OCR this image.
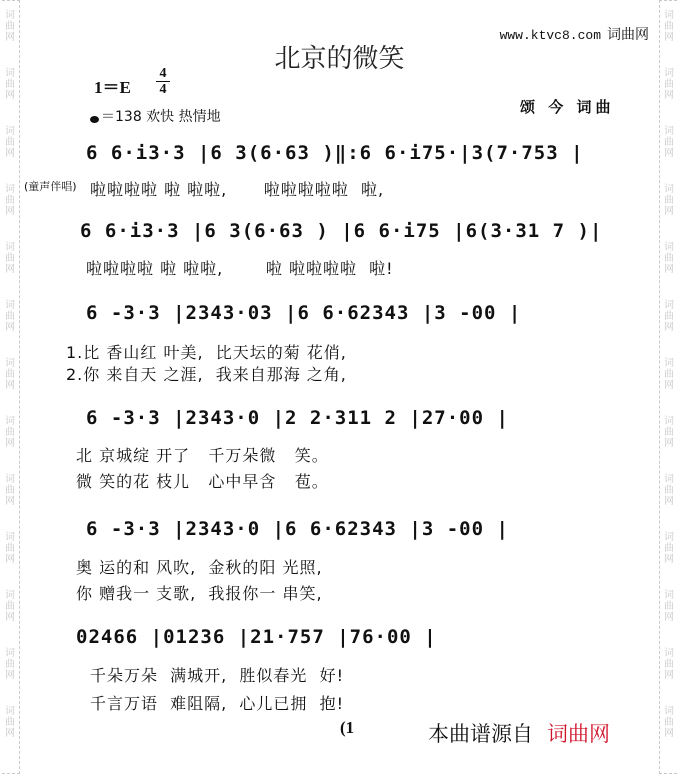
词
曲
网
词
曲
网
词
曲
网
词
曲
网
词
曲
网
词
曲
网
词
曲
网
词
曲
网
词
曲
网
词
曲
网
词
曲
网
词
曲
网
词
曲
网
词
曲
网
词
曲
网
词
曲
网
词
曲
网
词
曲
网
词
曲
网
词
曲
网
词
曲
网
词
曲
网
词
曲
网
词
曲
网
词
曲
网
词
曲
网
www.ktvc8.com 词曲网
北京的微笑
1＝E
4
4
＝138 欢快 热情地
颂 今 词曲
(童声伴唱)
6 6·i3·3 |6 3(6·63 )‖:6 6·i75·|3(7·753 |
啦啦啦啦 啦 啦啦,      啦啦啦啦啦  啦,
6 6·i3·3 |6 3(6·63 ) |6 6·i75 |6(3·31 7 )|
啦啦啦啦 啦 啦啦,       啦 啦啦啦啦  啦!
6 -3·3 |2343·03 |6 6·62343 |3 -00 |
1.比 香山红 叶美,  比天坛的菊 花俏,
2.你 来自天 之涯,  我来自那海 之角,
6 -3·3 |2343·0 |2 2·311 2 |27·00 |
北 京城绽 开了   千万朵微   笑。
微 笑的花 枝儿   心中早含   苞。
6 -3·3 |2343·0 |6 6·62343 |3 -00 |
奥 运的和 风吹,  金秋的阳 光照,
你 赠我一 支歌,  我报你一 串笑,
02466 |01236 |21·757 |76·00 |
千朵万朵  满城开,  胜似春光  好!
千言万语  难阻隔,  心儿已拥  抱!
(1	本曲谱源自 词曲网
